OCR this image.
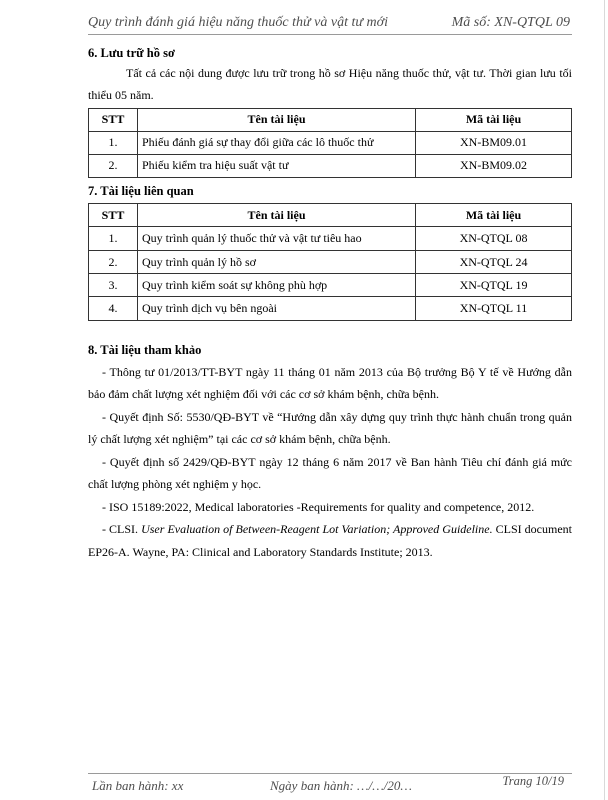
Quy trình đánh giá hiệu năng thuốc thử và vật tư mới	Mã số: XN-QTQL 09
6. Lưu trữ hồ sơ

Tất cả các nội dung được lưu trữ trong hồ sơ Hiệu năng thuốc thử, vật tư. Thời gian lưu tối thiểu 05 năm.

STT	Tên tài liệu	Mã tài liệu
1.	Phiếu đánh giá sự thay đổi giữa các lô thuốc thử	XN-BM09.01
2.	Phiếu kiểm tra hiệu suất vật tư	XN-BM09.02
7. Tài liệu liên quan
STT	Tên tài liệu	Mã tài liệu
1.	Quy trình quản lý thuốc thử và vật tư tiêu hao	XN-QTQL 08
2.	Quy trình quản lý hồ sơ	XN-QTQL 24
3.	Quy trình kiểm soát sự không phù hợp	XN-QTQL 19
4.	Quy trình dịch vụ bên ngoài	XN-QTQL 11
8. Tài liệu tham khảo

- Thông tư 01/2013/TT-BYT ngày 11 tháng 01 năm 2013 của Bộ trưởng Bộ Y tế về Hướng dẫn bảo đảm chất lượng xét nghiệm đối với các cơ sở khám bệnh, chữa bệnh.

- Quyết định Số: 5530/QĐ-BYT về “Hướng dẫn xây dựng quy trình thực hành chuẩn trong quản lý chất lượng xét nghiệm” tại các cơ sở khám bệnh, chữa bệnh.

- Quyết định số 2429/QĐ-BYT ngày 12 tháng 6 năm 2017 về Ban hành Tiêu chí đánh giá mức chất lượng phòng xét nghiệm y học.

- ISO 15189:2022, Medical laboratories -Requirements for quality and competence, 2012.

- CLSI. User Evaluation of Between-Reagent Lot Variation; Approved Guideline. CLSI document EP26-A. Wayne, PA: Clinical and Laboratory Standards Institute; 2013.

Lần ban hành: xx	Ngày ban hành: …/…/20…	Trang 10/19
